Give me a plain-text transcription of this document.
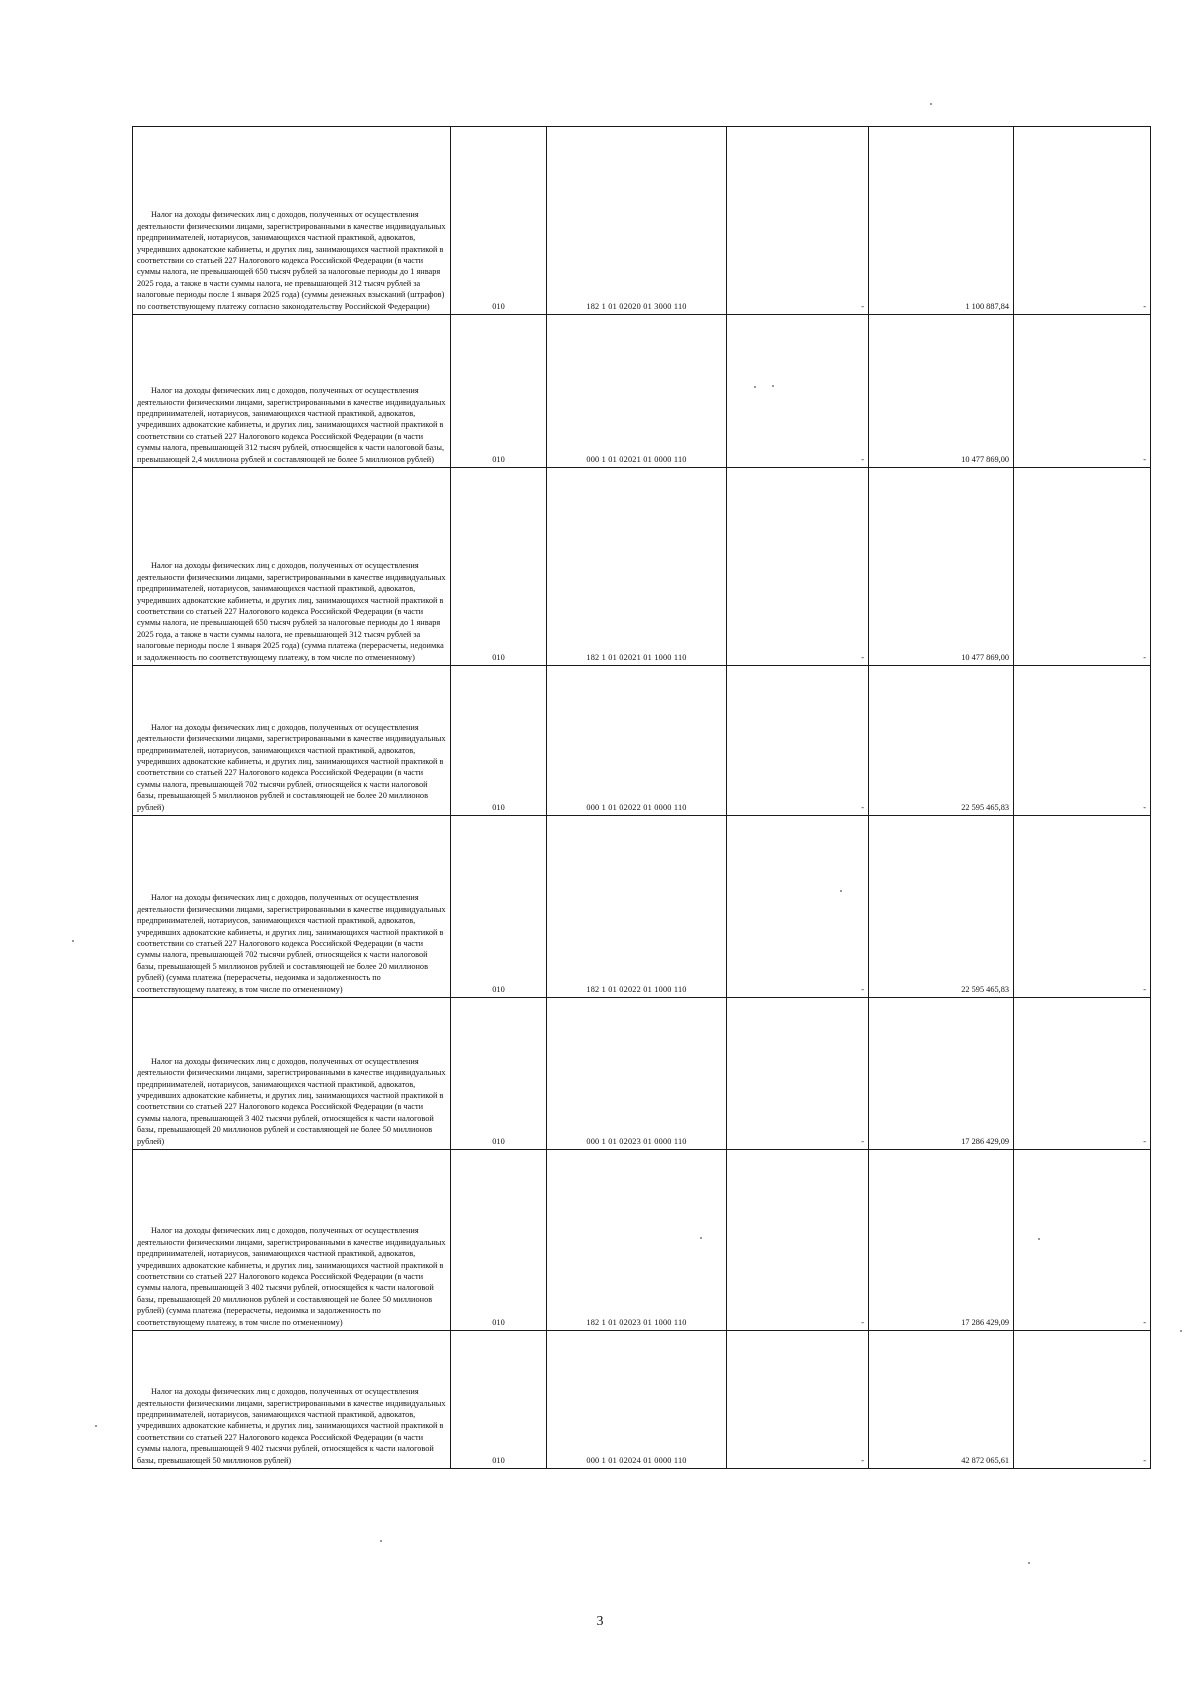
Налог на доходы физических лиц с доходов, полученных от осуществления деятельности физическими лицами, зарегистрированными в качестве индивидуальных предпринимателей, нотариусов, занимающихся частной практикой, адвокатов, учредивших адвокатские кабинеты, и других лиц, занимающихся частной практикой в соответствии со статьей 227 Налогового кодекса Российской Федерации (в части суммы налога, не превышающей 650 тысяч рублей за налоговые периоды до 1 января 2025 года, а также в части суммы налога, не превышающей 312 тысяч рублей за налоговые периоды после 1 января 2025 года) (суммы денежных взысканий (штрафов) по соответствующему платежу согласно законодательству Российской Федерации)	010	182 1 01 02020 01 3000 110	-	1 100 887,84	-

Налог на доходы физических лиц с доходов, полученных от осуществления деятельности физическими лицами, зарегистрированными в качестве индивидуальных предпринимателей, нотариусов, занимающихся частной практикой, адвокатов, учредивших адвокатские кабинеты, и других лиц, занимающихся частной практикой в соответствии со статьей 227 Налогового кодекса Российской Федерации (в части суммы налога, превышающей 312 тысяч рублей, относящейся к части налоговой базы, превышающей 2,4 миллиона рублей и составляющей не более 5 миллионов рублей)	010	000 1 01 02021 01 0000 110	-	10 477 869,00	-

Налог на доходы физических лиц с доходов, полученных от осуществления деятельности физическими лицами, зарегистрированными в качестве индивидуальных предпринимателей, нотариусов, занимающихся частной практикой, адвокатов, учредивших адвокатские кабинеты, и других лиц, занимающихся частной практикой в соответствии со статьей 227 Налогового кодекса Российской Федерации (в части суммы налога, не превышающей 650 тысяч рублей за налоговые периоды до 1 января 2025 года, а также в части суммы налога, не превышающей 312 тысяч рублей за налоговые периоды после 1 января 2025 года) (сумма платежа (перерасчеты, недоимка и задолженность по соответствующему платежу, в том числе по отмененному)	010	182 1 01 02021 01 1000 110	-	10 477 869,00	-

Налог на доходы физических лиц с доходов, полученных от осуществления деятельности физическими лицами, зарегистрированными в качестве индивидуальных предпринимателей, нотариусов, занимающихся частной практикой, адвокатов, учредивших адвокатские кабинеты, и других лиц, занимающихся частной практикой в соответствии со статьей 227 Налогового кодекса Российской Федерации (в части суммы налога, превышающей 702 тысячи рублей, относящейся к части налоговой базы, превышающей 5 миллионов рублей и составляющей не более 20 миллионов рублей)	010	000 1 01 02022 01 0000 110	-	22 595 465,83	-

Налог на доходы физических лиц с доходов, полученных от осуществления деятельности физическими лицами, зарегистрированными в качестве индивидуальных предпринимателей, нотариусов, занимающихся частной практикой, адвокатов, учредивших адвокатские кабинеты, и других лиц, занимающихся частной практикой в соответствии со статьей 227 Налогового кодекса Российской Федерации (в части суммы налога, превышающей 702 тысячи рублей, относящейся к части налоговой базы, превышающей 5 миллионов рублей и составляющей не более 20 миллионов рублей) (сумма платежа (перерасчеты, недоимка и задолженность по соответствующему платежу, в том числе по отмененному)	010	182 1 01 02022 01 1000 110	-	22 595 465,83	-

Налог на доходы физических лиц с доходов, полученных от осуществления деятельности физическими лицами, зарегистрированными в качестве индивидуальных предпринимателей, нотариусов, занимающихся частной практикой, адвокатов, учредивших адвокатские кабинеты, и других лиц, занимающихся частной практикой в соответствии со статьей 227 Налогового кодекса Российской Федерации (в части суммы налога, превышающей 3 402 тысячи рублей, относящейся к части налоговой базы, превышающей 20 миллионов рублей и составляющей не более 50 миллионов рублей)	010	000 1 01 02023 01 0000 110	-	17 286 429,09	-

Налог на доходы физических лиц с доходов, полученных от осуществления деятельности физическими лицами, зарегистрированными в качестве индивидуальных предпринимателей, нотариусов, занимающихся частной практикой, адвокатов, учредивших адвокатские кабинеты, и других лиц, занимающихся частной практикой в соответствии со статьей 227 Налогового кодекса Российской Федерации (в части суммы налога, превышающей 3 402 тысячи рублей, относящейся к части налоговой базы, превышающей 20 миллионов рублей и составляющей не более 50 миллионов рублей) (сумма платежа (перерасчеты, недоимка и задолженность по соответствующему платежу, в том числе по отмененному)	010	182 1 01 02023 01 1000 110	-	17 286 429,09	-

Налог на доходы физических лиц с доходов, полученных от осуществления деятельности физическими лицами, зарегистрированными в качестве индивидуальных предпринимателей, нотариусов, занимающихся частной практикой, адвокатов, учредивших адвокатские кабинеты, и других лиц, занимающихся частной практикой в соответствии со статьей 227 Налогового кодекса Российской Федерации (в части суммы налога, превышающей 9 402 тысячи рублей, относящейся к части налоговой базы, превышающей 50 миллионов рублей)	010	000 1 01 02024 01 0000 110	-	42 872 065,61	-
3
